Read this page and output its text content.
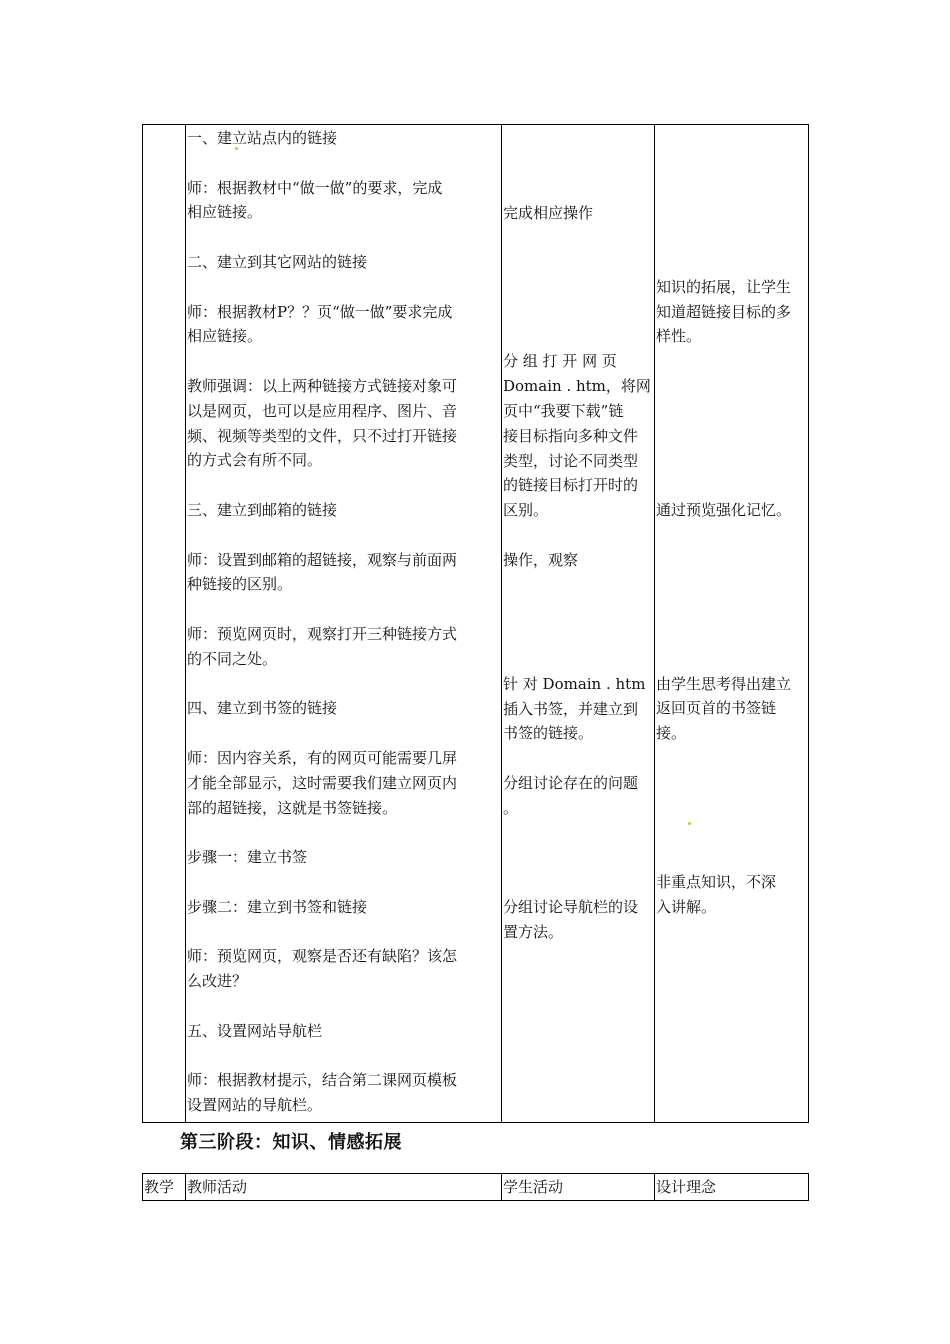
一、建立站点内的链接

师：根据教材中“做一做”的要求，完成

相应链接。

二、建立到其它网站的链接

师：根据教材P？？页“做一做”要求完成

相应链接。

教师强调：以上两种链接方式链接对象可

以是网页，也可以是应用程序、图片、音

频、视频等类型的文件，只不过打开链接

的方式会有所不同。

三、建立到邮箱的链接

师：设置到邮箱的超链接，观察与前面两

种链接的区别。

师：预览网页时，观察打开三种链接方式

的不同之处。

四、建立到书签的链接

师：因内容关系，有的网页可能需要几屏

才能全部显示，这时需要我们建立网页内

部的超链接，这就是书签链接。

步骤一：建立书签

步骤二：建立到书签和链接

师：预览网页，观察是否还有缺陷？该怎

么改进？

五、设置网站导航栏

师：根据教材提示，结合第二课网页模板

设置网站的导航栏。

完成相应操作

分 组 打 开 网 页

Domain . htm，将网

页中“我要下载”链

接目标指向多种文件

类型，讨论不同类型

的链接目标打开时的

区别。

操作，观察

针 对 Domain . htm

插入书签，并建立到

书签的链接。

分组讨论存在的问题

。

分组讨论导航栏的设

置方法。

知识的拓展，让学生

知道超链接目标的多

样性。

通过预览强化记忆。

由学生思考得出建立

返回页首的书签链

接。

非重点知识，不深

入讲解。

第三阶段：知识、情感拓展
教学 教师活动	学生活动	设计理念
